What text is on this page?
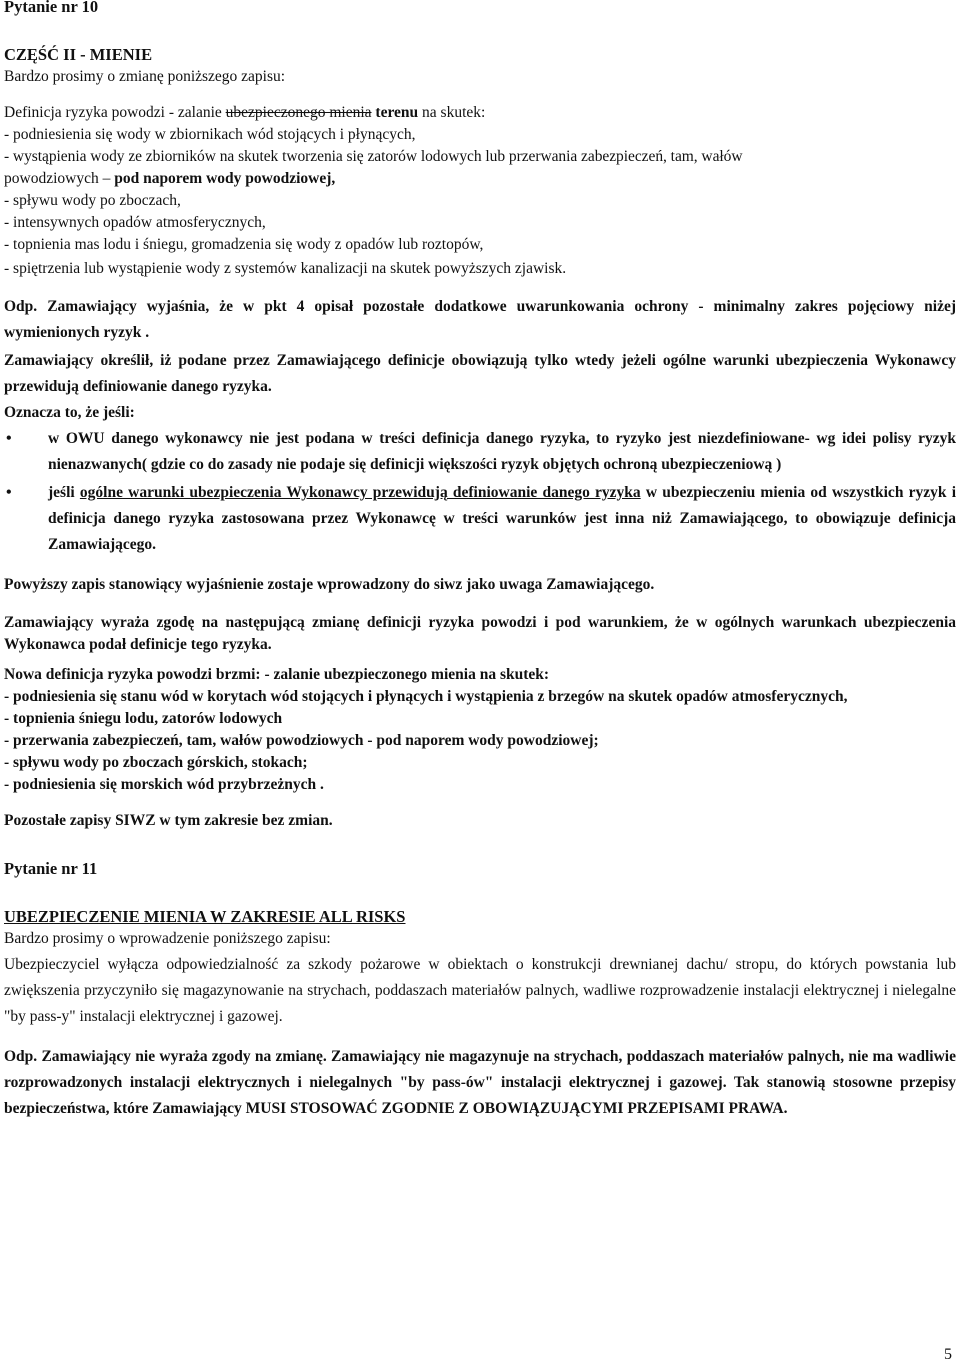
Pytanie nr 10
CZĘŚĆ II - MIENIE
Bardzo prosimy o zmianę poniższego zapisu:
Definicja ryzyka powodzi - zalanie ubezpieczonego mienia terenu na skutek:
- podniesienia się wody w zbiornikach wód stojących i płynących,
- wystąpienia wody ze zbiorników na skutek tworzenia się zatorów lodowych lub przerwania zabezpieczeń, tam, wałów
powodziowych – pod naporem wody powodziowej,
- spływu wody po zboczach,
- intensywnych opadów atmosferycznych,
- topnienia mas lodu i śniegu, gromadzenia się wody z opadów lub roztopów,
- spiętrzenia lub wystąpienie wody z systemów kanalizacji na skutek powyższych zjawisk.
Odp. Zamawiający wyjaśnia, że w pkt 4 opisał pozostałe dodatkowe uwarunkowania ochrony - minimalny zakres pojęciowy niżej wymienionych ryzyk .
Zamawiający określił, iż podane przez Zamawiającego definicje obowiązują tylko wtedy jeżeli ogólne warunki ubezpieczenia Wykonawcy przewidują definiowanie danego ryzyka.
Oznacza to, że jeśli:
• w OWU danego wykonawcy nie jest podana w treści definicja danego ryzyka, to ryzyko jest niezdefiniowane- wg idei polisy ryzyk nienazwanych( gdzie co do zasady nie podaje się definicji większości ryzyk objętych ochroną ubezpieczeniową )
• jeśli ogólne warunki ubezpieczenia Wykonawcy przewidują definiowanie danego ryzyka w ubezpieczeniu mienia od wszystkich ryzyk i definicja danego ryzyka zastosowana przez Wykonawcę w treści warunków jest inna niż Zamawiającego, to obowiązuje definicja Zamawiającego.
Powyższy zapis stanowiący wyjaśnienie zostaje wprowadzony do siwz jako uwaga Zamawiającego.
Zamawiający wyraża zgodę na następującą zmianę definicji ryzyka powodzi i pod warunkiem, że w ogólnych warunkach ubezpieczenia Wykonawca podał definicje tego ryzyka.
Nowa definicja ryzyka powodzi brzmi: - zalanie ubezpieczonego mienia na skutek:
- podniesienia się stanu wód w korytach wód stojących i płynących i wystąpienia z brzegów na skutek opadów atmosferycznych,
- topnienia śniegu lodu, zatorów lodowych
- przerwania zabezpieczeń, tam, wałów powodziowych - pod naporem wody powodziowej;
- spływu wody po zboczach górskich, stokach;
- podniesienia się morskich wód przybrzeżnych .
Pozostałe zapisy SIWZ w tym zakresie bez zmian.
Pytanie nr 11
UBEZPIECZENIE MIENIA W ZAKRESIE ALL RISKS
Bardzo prosimy o wprowadzenie poniższego zapisu:
Ubezpieczyciel wyłącza odpowiedzialność za szkody pożarowe w obiektach o konstrukcji drewnianej dachu/ stropu, do których powstania lub zwiększenia przyczyniło się magazynowanie na strychach, poddaszach materiałów palnych, wadliwe rozprowadzenie instalacji elektrycznej i nielegalne "by pass-y" instalacji elektrycznej i gazowej.
Odp. Zamawiający nie wyraża zgody na zmianę. Zamawiający nie magazynuje na strychach, poddaszach materiałów palnych, nie ma wadliwie rozprowadzonych instalacji elektrycznych i nielegalnych "by pass-ów" instalacji elektrycznej i gazowej. Tak stanowią stosowne przepisy bezpieczeństwa, które Zamawiający MUSI STOSOWAĆ ZGODNIE Z OBOWIĄZUJĄCYMI PRZEPISAMI PRAWA.
5
